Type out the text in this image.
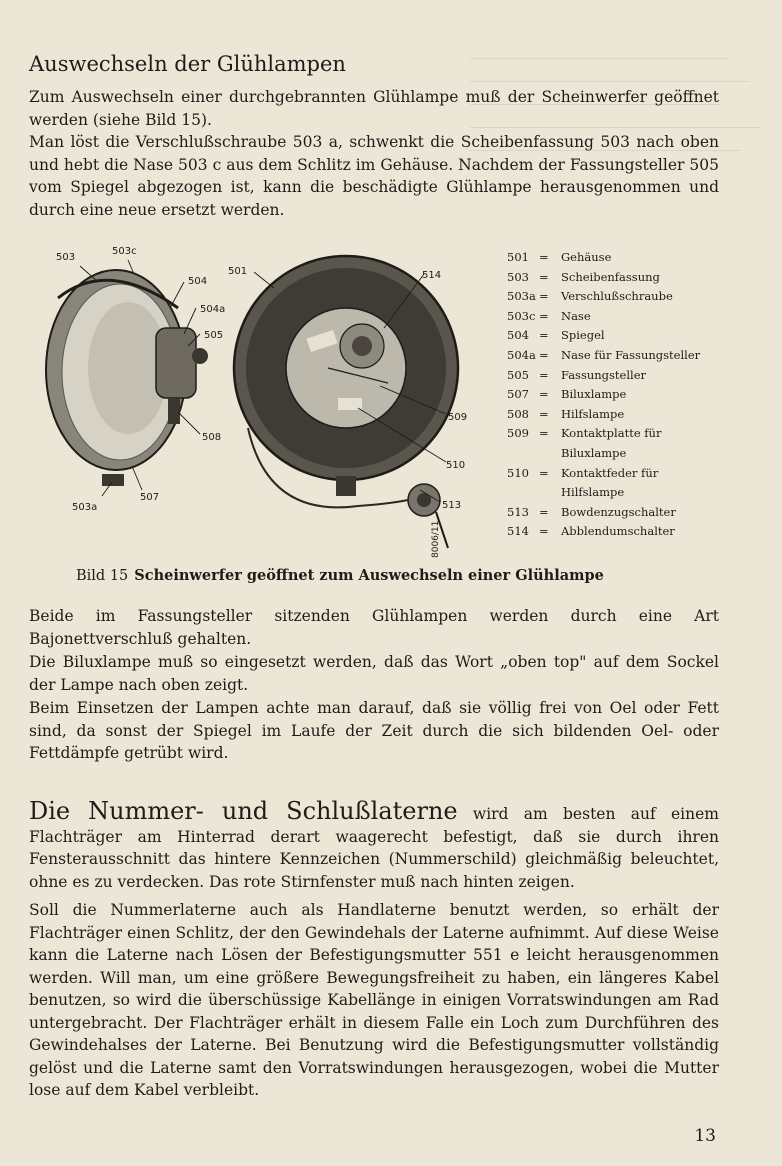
Auswechseln der Glühlampen

Zum Auswechseln einer durchgebrannten Glühlampe muß der Scheinwerfer geöffnet werden (siehe Bild 15).

Man löst die Verschlußschraube 503 a, schwenkt die Scheibenfassung 503 nach oben und hebt die Nase 503 c aus dem Schlitz im Gehäuse. Nachdem der Fassungsteller 505 vom Spiegel abgezogen ist, kann die beschädigte Glühlampe herausgenommen und durch eine neue ersetzt werden.

503
503c
504
504a
505
508
507
503a
501	514
509
510
513
8006/11
501 =	Gehäuse
503 =	Scheibenfassung
503a =	Verschlußschraube
503c =	Nase
504 =	Spiegel
504a =	Nase für Fassungsteller
505 =	Fassungsteller
507 =	Biluxlampe
508 =	Hilfslampe
509 =	Kontaktplatte für
Biluxlampe
510 =	Kontaktfeder für
Hilfslampe
513 =	Bowdenzugschalter
514 =	Abblendumschalter
Bild 15 Scheinwerfer geöffnet zum Auswechseln einer Glühlampe

Beide im Fassungsteller sitzenden Glühlampen werden durch eine Art Bajonettverschluß gehalten.

Die Biluxlampe muß so eingesetzt werden, daß das Wort „oben top" auf dem Sockel der Lampe nach oben zeigt.

Beim Einsetzen der Lampen achte man darauf, daß sie völlig frei von Oel oder Fett sind, da sonst der Spiegel im Laufe der Zeit durch die sich bildenden Oel- oder Fettdämpfe getrübt wird.

Die Nummer- und Schlußlaterne wird am besten auf einem Flachträger am Hinterrad derart waagerecht befestigt, daß sie durch ihren Fensterausschnitt das hintere Kennzeichen (Nummerschild) gleichmäßig beleuchtet, ohne es zu verdecken. Das rote Stirnfenster muß nach hinten zeigen.

Soll die Nummerlaterne auch als Handlaterne benutzt werden, so erhält der Flachträger einen Schlitz, der den Gewindehals der Laterne aufnimmt. Auf diese Weise kann die Laterne nach Lösen der Befestigungsmutter 551 e leicht herausgenommen werden. Will man, um eine größere Bewegungsfreiheit zu haben, ein längeres Kabel benutzen, so wird die überschüssige Kabellänge in einigen Vorratswindungen am Rad untergebracht. Der Flachträger erhält in diesem Falle ein Loch zum Durchführen des Gewindehalses der Laterne. Bei Benutzung wird die Befestigungsmutter vollständig gelöst und die Laterne samt den Vorratswindungen herausgezogen, wobei die Mutter lose auf dem Kabel verbleibt.

13
